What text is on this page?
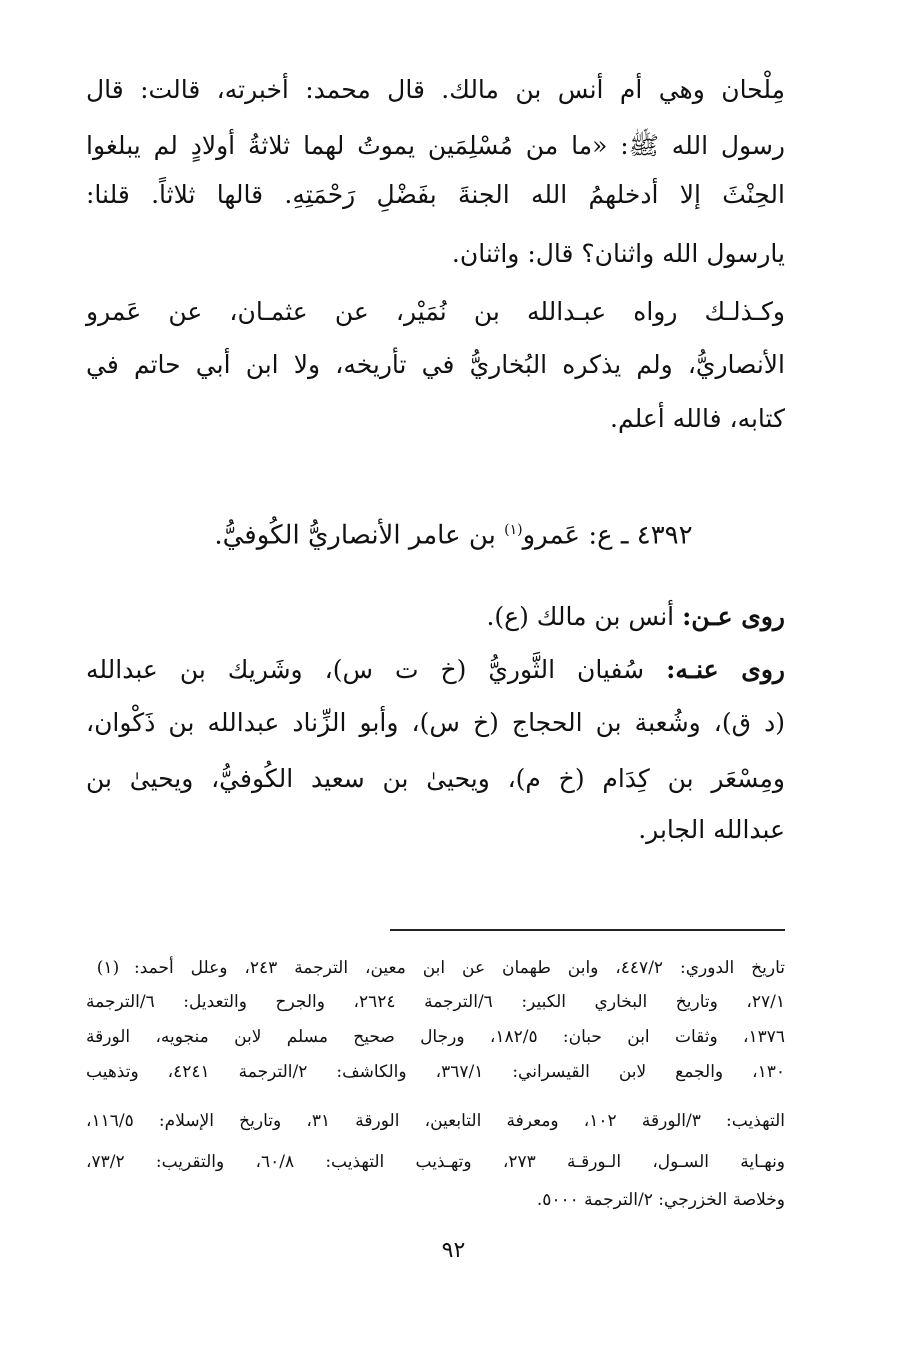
مِلْحان وهي أم أنس بن مالك. قال محمد: أخبرته، قالت: قال
رسول الله ﷺ: «ما من مُسْلِمَين يموتُ لهما ثلاثةُ أولادٍ لم يبلغوا
الحِنْثَ إلا أدخلهمُ الله الجنةَ بفَضْلِ رَحْمَتِهِ. قالها ثلاثاً. قلنا:
يارسول الله واثنان؟ قال: واثنان.
وكـذلـك رواه عبـدالله بن نُمَيْر، عن عثمـان، عن عَمرو
الأنصاريُّ، ولم يذكره البُخاريُّ في تأريخه، ولا ابن أبي حاتم في
كتابه، فالله أعلم.
٤٣٩٢ ـ ع: عَمرو$^{(١)}$ بن عامر الأنصاريُّ الكُوفيُّ.
روى عـن: أنس بن مالك (ع).
روى عنـه: سُفيان الثَّوريُّ (خ ت س)، وشَريك بن عبدالله
(د ق)، وشُعبة بن الحجاج (خ س)، وأبو الزِّناد عبدالله بن ذَكْوان،
ومِسْعَر بن كِدَام (خ م)، ويحيىٰ بن سعيد الكُوفيُّ، ويحيىٰ بن
عبدالله الجابر.
(١) تاريخ الدوري: ٤٤٧/٢، وابن طهمان عن ابن معين، الترجمة ٢٤٣، وعلل أحمد:
٢٧/١، وتاريخ البخاري الكبير: ٦/الترجمة ٢٦٢٤، والجرح والتعديل: ٦/الترجمة
١٣٧٦، وثقات ابن حبان: ١٨٢/٥، ورجال صحيح مسلم لابن منجويه، الورقة
١٣٠، والجمع لابن القيسراني: ٣٦٧/١، والكاشف: ٢/الترجمة ٤٢٤١، وتذهيب
التهذيب: ٣/الورقة ١٠٢، ومعرفة التابعين، الورقة ٣١، وتاريخ الإسلام: ١١٦/٥،
ونهـاية السـول، الـورقـة ٢٧٣، وتهـذيب التهذيب: ٦٠/٨، والتقريب: ٧٣/٢،
وخلاصة الخزرجي: ٢/الترجمة ٥٠٠٠.
٩٢
